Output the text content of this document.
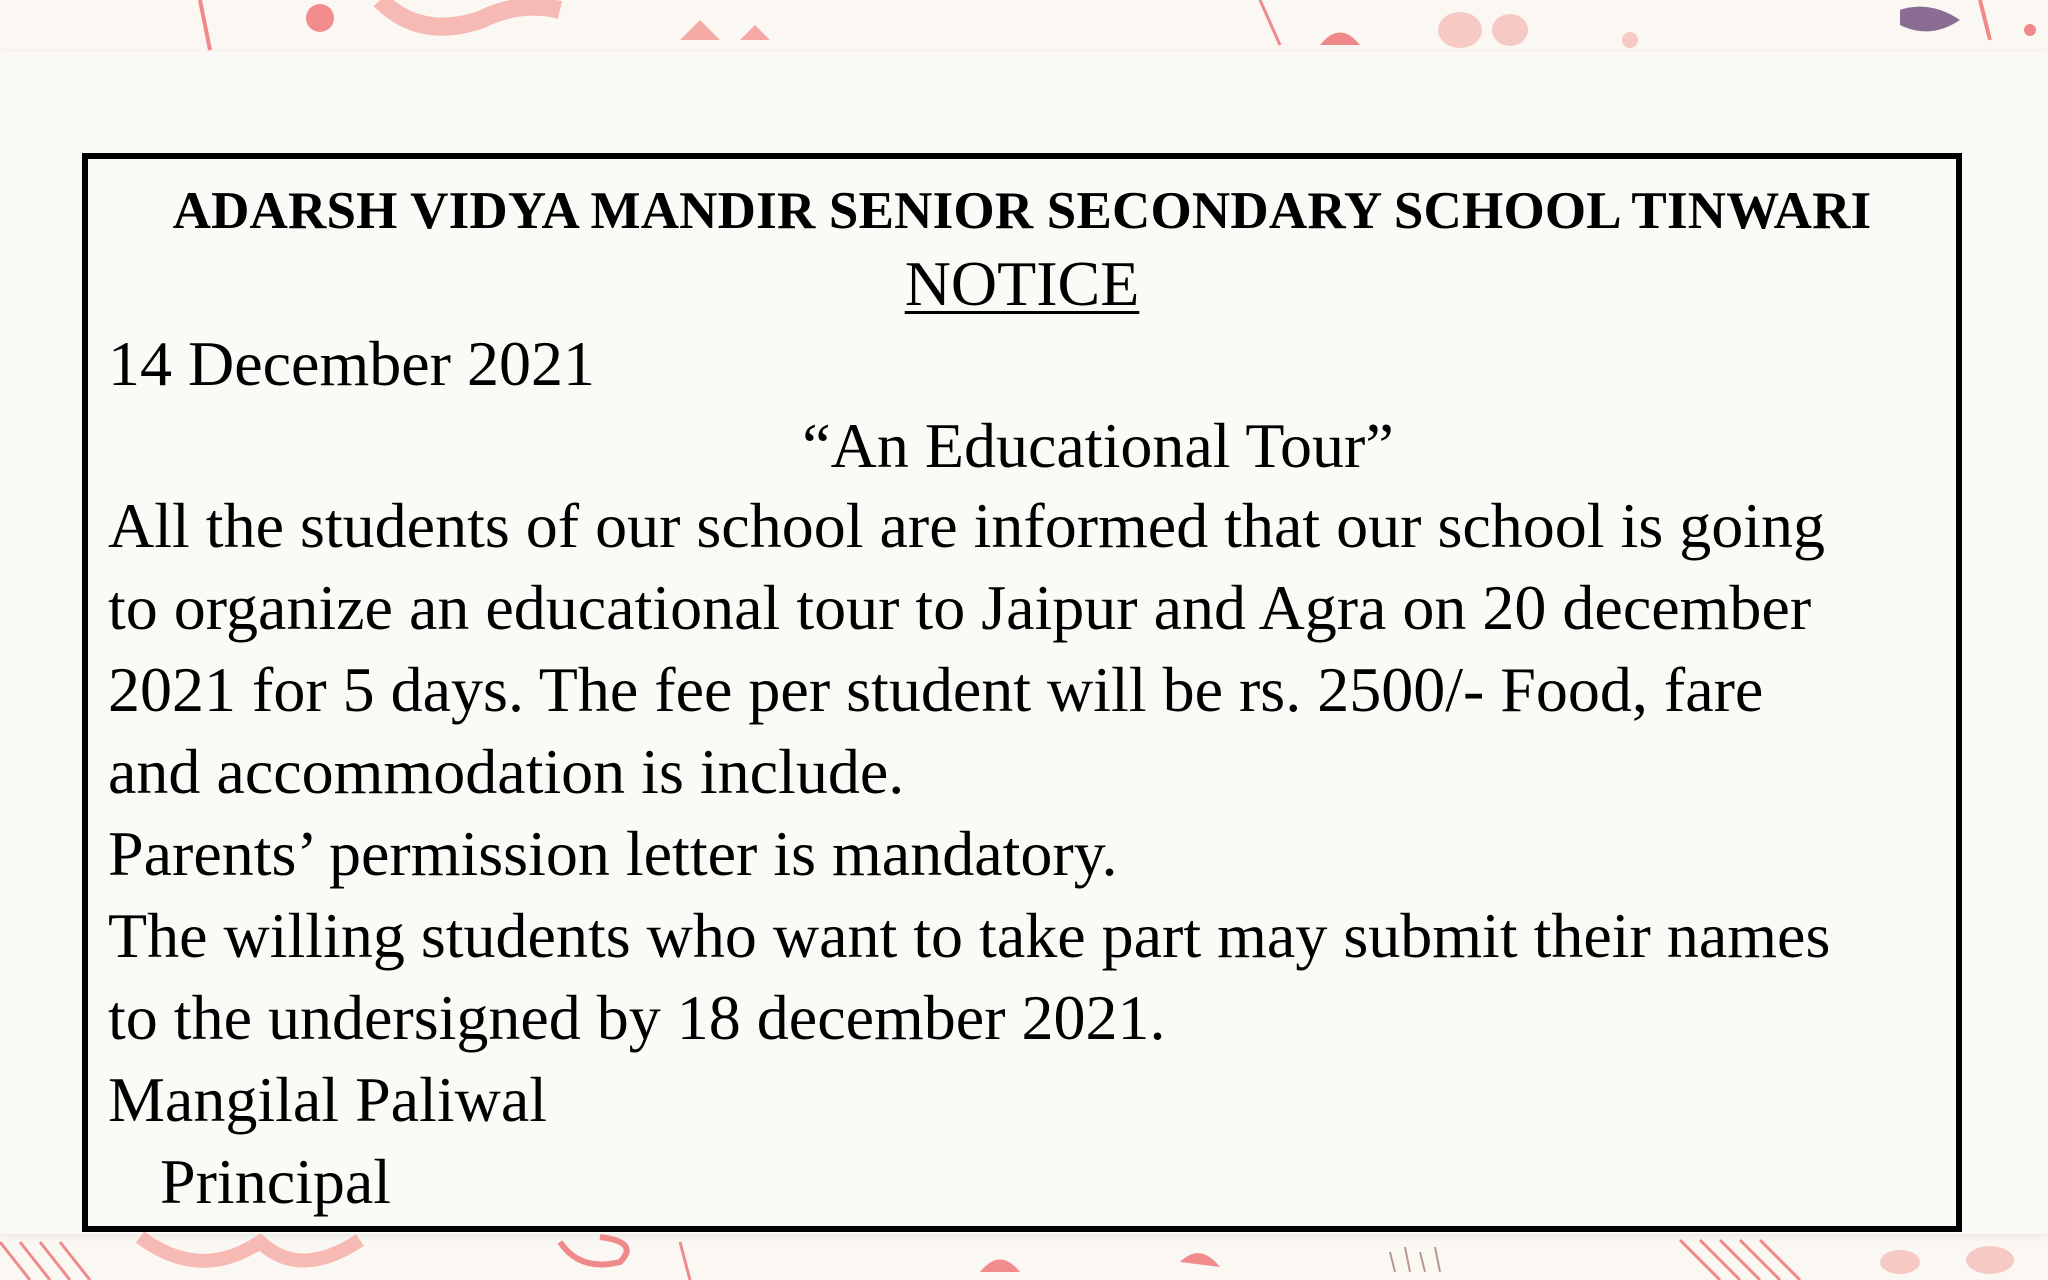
ADARSH VIDYA MANDIR SENIOR SECONDARY SCHOOL TINWARI
NOTICE
14 December 2021
“An Educational Tour”
All the students of our school are informed that our school is going
to organize an educational tour to Jaipur and Agra on 20 december
2021 for 5 days. The fee per student will be rs. 2500/- Food, fare
and accommodation is include.
Parents’ permission letter is mandatory.
The willing students who want to take part may submit their names
to the undersigned by 18 december 2021.
Mangilal Paliwal
Principal
